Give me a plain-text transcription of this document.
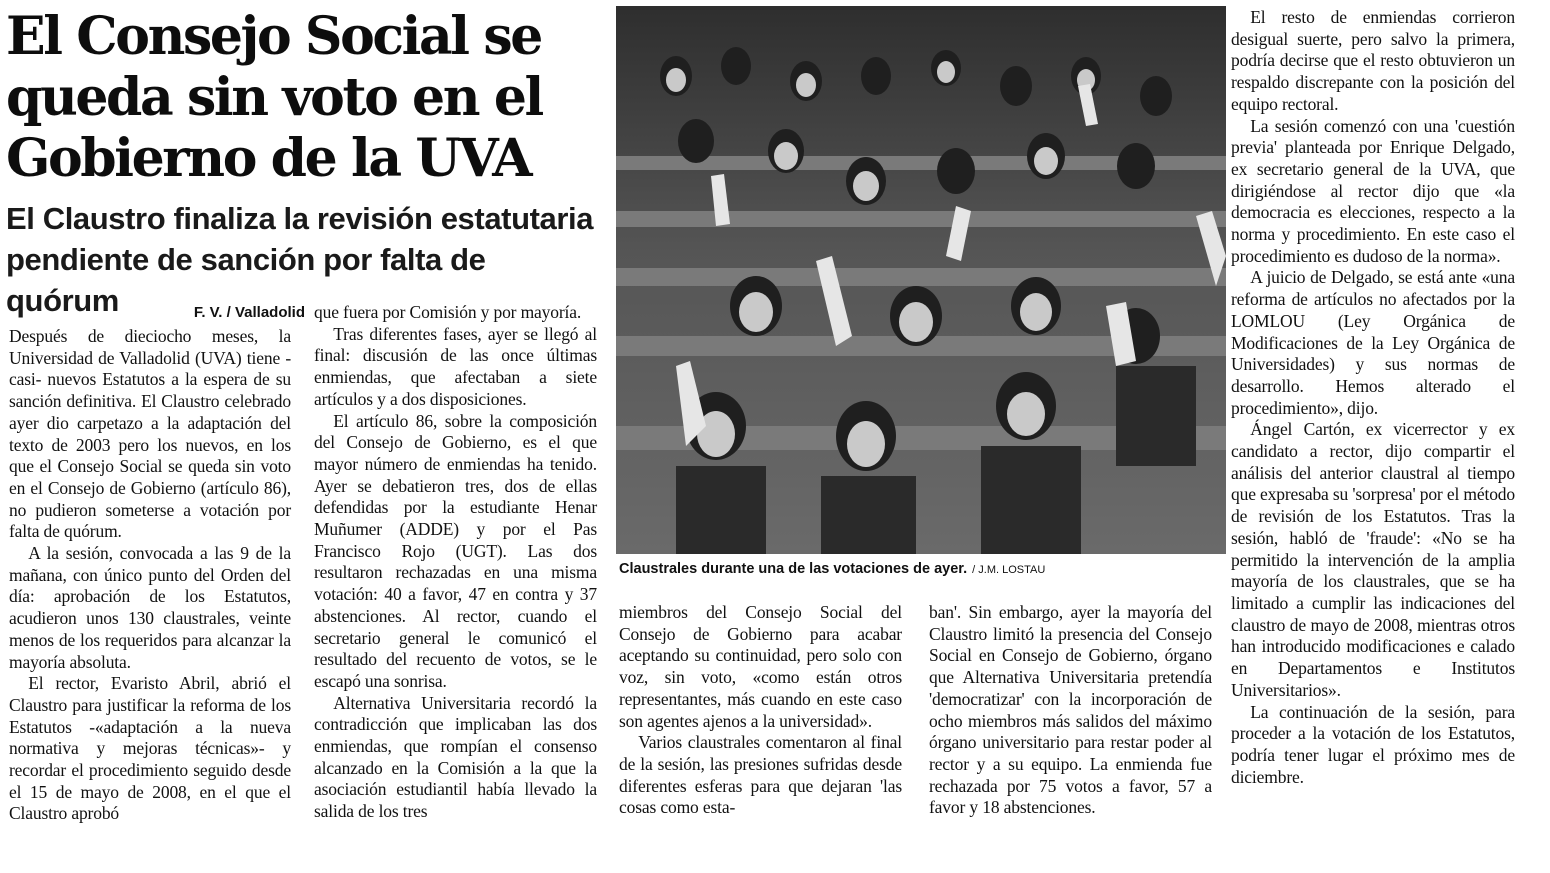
El Consejo Social se queda sin voto en el Gobierno de la UVA
El Claustro finaliza la revisión estatutaria pendiente de sanción por falta de quórum	F. V. / Valladolid

Después de dieciocho meses, la Universidad de Valladolid (UVA) tiene -casi- nuevos Estatutos a la espera de su sanción definitiva. El Claustro celebrado ayer dio carpetazo a la adaptación del texto de 2003 pero los nuevos, en los que el Consejo Social se queda sin voto en el Consejo de Gobierno (artículo 86), no pudieron someterse a votación por falta de quórum.

A la sesión, convocada a las 9 de la mañana, con único punto del Orden del día: aprobación de los Estatutos, acudieron unos 130 claustrales, veinte menos de los requeridos para alcanzar la mayoría absoluta.

El rector, Evaristo Abril, abrió el Claustro para justificar la reforma de los Estatutos -«adaptación a la nueva normativa y mejoras técnicas»- y recordar el procedimiento seguido desde el 15 de mayo de 2008, en el que el Claustro aprobó

que fuera por Comisión y por mayoría.

Tras diferentes fases, ayer se llegó al final: discusión de las once últimas enmiendas, que afectaban a siete artículos y a dos disposiciones.

El artículo 86, sobre la composición del Consejo de Gobierno, es el que mayor número de enmiendas ha tenido. Ayer se debatieron tres, dos de ellas defendidas por la estudiante Henar Muñumer (ADDE) y por el Pas Francisco Rojo (UGT). Las dos resultaron rechazadas en una misma votación: 40 a favor, 47 en contra y 37 abstenciones. Al rector, cuando el secretario general le comunicó el resultado del recuento de votos, se le escapó una sonrisa.

Alternativa Universitaria recordó la contradicción que implicaban las dos enmiendas, que rompían el consenso alcanzado en la Comisión a la que la asociación estudiantil había llevado la salida de los tres

Claustrales durante una de las votaciones de ayer. / J.M. LOSTAU

miembros del Consejo Social del Consejo de Gobierno para acabar aceptando su continuidad, pero solo con voz, sin voto, «como están otros representantes, más cuando en este caso son agentes ajenos a la universidad».

Varios claustrales comentaron al final de la sesión, las presiones sufridas desde diferentes esferas para que dejaran 'las cosas como esta-

ban'. Sin embargo, ayer la mayoría del Claustro limitó la presencia del Consejo Social en Consejo de Gobierno, órgano que Alternativa Universitaria pretendía 'democratizar' con la incorporación de ocho miembros más salidos del máximo órgano universitario para restar poder al rector y a su equipo. La enmienda fue rechazada por 75 votos a favor, 57 a favor y 18 abstenciones.

El resto de enmiendas corrieron desigual suerte, pero salvo la primera, podría decirse que el resto obtuvieron un respaldo discrepante con la posición del equipo rectoral.

La sesión comenzó con una 'cuestión previa' planteada por Enrique Delgado, ex secretario general de la UVA, que dirigiéndose al rector dijo que «la democracia es elecciones, respecto a la norma y procedimiento. En este caso el procedimiento es dudoso de la norma».

A juicio de Delgado, se está ante «una reforma de artículos no afectados por la LOMLOU (Ley Orgánica de Modificaciones de la Ley Orgánica de Universidades) y sus normas de desarrollo. Hemos alterado el procedimiento», dijo.

Ángel Cartón, ex vicerrector y ex candidato a rector, dijo compartir el análisis del anterior claustral al tiempo que expresaba su 'sorpresa' por el método de revisión de los Estatutos. Tras la sesión, habló de 'fraude': «No se ha permitido la intervención de la amplia mayoría de los claustrales, que se ha limitado a cumplir las indicaciones del claustro de mayo de 2008, mientras otros han introducido modificaciones e calado en Departamentos e Institutos Universitarios».

La continuación de la sesión, para proceder a la votación de los Estatutos, podría tener lugar el próximo mes de diciembre.
